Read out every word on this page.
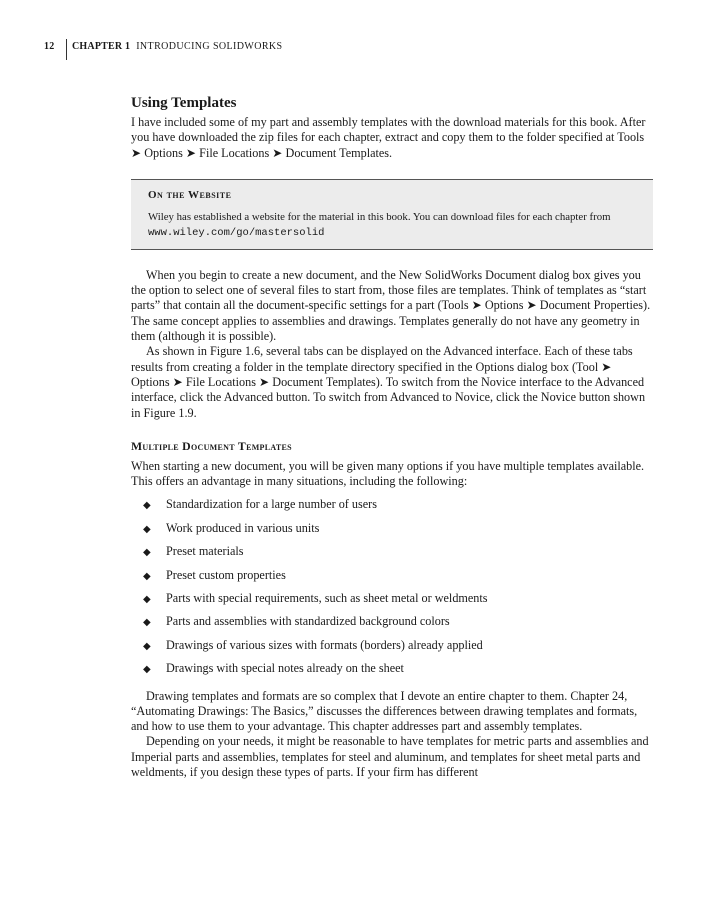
12	CHAPTER 1 INTRODUCING SOLIDWORKS
Using Templates

I have included some of my part and assembly templates with the download materials for this book. After you have downloaded the zip files for each chapter, extract and copy them to the folder specified at Tools ➤ Options ➤ File Locations ➤ Document Templates.

On the Website
Wiley has established a website for the material in this book. You can download files for each chapter from www.wiley.com/go/mastersolid

When you begin to create a new document, and the New SolidWorks Document dialog box gives you the option to select one of several files to start from, those files are templates. Think of templates as “start parts” that contain all the document-specific settings for a part (Tools ➤ Options ➤ Document Properties). The same concept applies to assemblies and drawings. Templates generally do not have any geometry in them (although it is possible).

As shown in Figure 1.6, several tabs can be displayed on the Advanced interface. Each of these tabs results from creating a folder in the template directory specified in the Options dialog box (Tool ➤ Options ➤ File Locations ➤ Document Templates). To switch from the Novice interface to the Advanced interface, click the Advanced button. To switch from Advanced to Novice, click the Novice button shown in Figure 1.9.

Multiple Document Templates

When starting a new document, you will be given many options if you have multiple templates available. This offers an advantage in many situations, including the following:

◆	Standardization for a large number of users
◆	Work produced in various units
◆	Preset materials
◆	Preset custom properties
◆	Parts with special requirements, such as sheet metal or weldments
◆	Parts and assemblies with standardized background colors
◆	Drawings of various sizes with formats (borders) already applied
◆	Drawings with special notes already on the sheet

Drawing templates and formats are so complex that I devote an entire chapter to them. Chapter 24, “Automating Drawings: The Basics,” discusses the differences between drawing templates and formats, and how to use them to your advantage. This chapter addresses part and assembly templates.

Depending on your needs, it might be reasonable to have templates for metric parts and assemblies and Imperial parts and assemblies, templates for steel and aluminum, and templates for sheet metal parts and weldments, if you design these types of parts. If your firm has different
